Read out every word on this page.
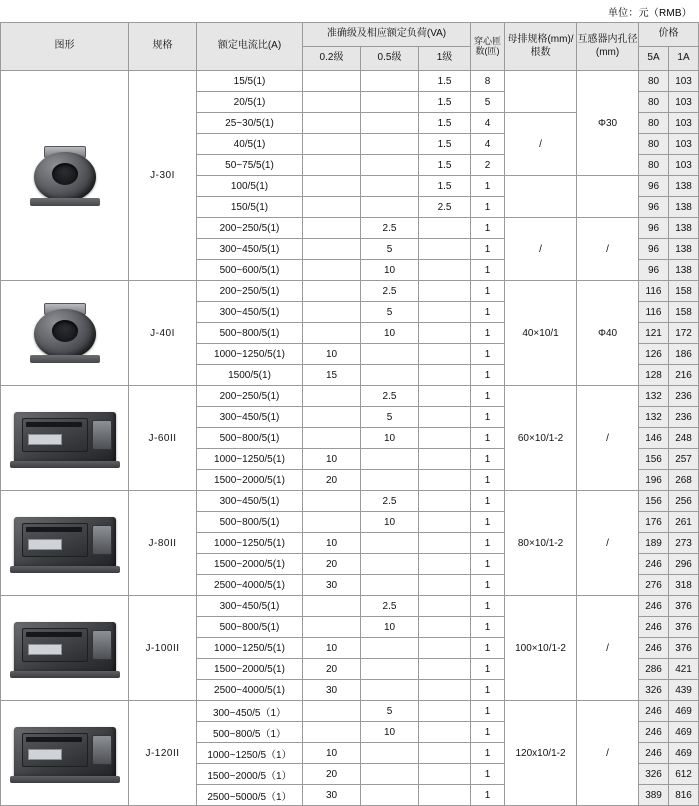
单位：元（RMB）
图形	规格	额定电流比(A)	准确级及相应额定负荷(VA)			穿心匝数(匝)	母排规格(mm)/根数	互感器内孔径(mm)	价格	
			0.2级	0.5级	1级				5A	1A

	J-30I	15/5(1)			1.5	8		Φ30	80	103
		20/5(1)			1.5	5			80	103
		25~30/5(1)			1.5	4	/		80	103
		40/5(1)			1.5	4			80	103
		50~75/5(1)			1.5	2			80	103
		100/5(1)			1.5	1			96	138
		150/5(1)			2.5	1			96	138
		200~250/5(1)		2.5		1	/	/	96	138
		300~450/5(1)		5		1			96	138
		500~600/5(1)		10		1			96	138

	J-40I	200~250/5(1)		2.5		1	40×10/1	Φ40	116	158
		300~450/5(1)		5		1			116	158
		500~800/5(1)		10		1			121	172
		1000~1250/5(1)	10			1			126	186
		1500/5(1)	15			1			128	216

	J-60II	200~250/5(1)		2.5		1	60×10/1-2	/	132	236
		300~450/5(1)		5		1			132	236
		500~800/5(1)		10		1			146	248
		1000~1250/5(1)	10			1			156	257
		1500~2000/5(1)	20			1			196	268

	J-80II	300~450/5(1)		2.5		1	80×10/1-2	/	156	256
		500~800/5(1)		10		1			176	261
		1000~1250/5(1)	10			1			189	273
		1500~2000/5(1)	20			1			246	296
		2500~4000/5(1)	30			1			276	318

	J-100II	300~450/5(1)		2.5		1	100×10/1-2	/	246	376
		500~800/5(1)		10		1			246	376
		1000~1250/5(1)	10			1			246	376
		1500~2000/5(1)	20			1			286	421
		2500~4000/5(1)	30			1			326	439

	J-120II	300~450/5（1）		5		1	120x10/1-2	/	246	469
		500~800/5（1）		10		1			246	469
		1000~1250/5（1）	10			1			246	469
		1500~2000/5（1）	20			1			326	612
		2500~5000/5（1）	30			1			389	816
